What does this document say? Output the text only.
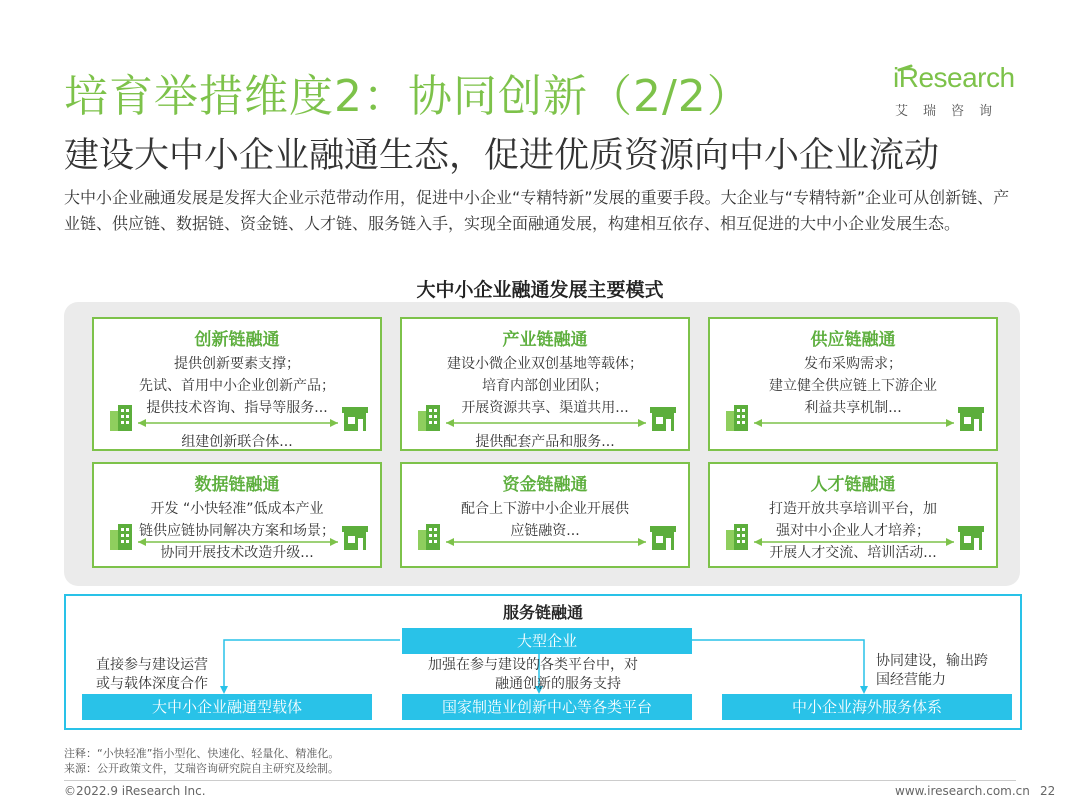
培育举措维度2：协同创新（2/2）
建设大中小企业融通生态，促进优质资源向中小企业流动
大中小企业融通发展是发挥大企业示范带动作用，促进中小企业“专精特新”发展的重要手段。大企业与“专精特新”企业可从创新链、产业链、供应链、数据链、资金链、人才链、服务链入手，实现全面融通发展，构建相互依存、相互促进的大中小企业发展生态。
iResearch
艾瑞咨询
大中小企业融通发展主要模式
创新链融通
提供创新要素支撑；
先试、首用中小企业创新产品；
提供技术咨询、指导等服务...
组建创新联合体...
产业链融通
建设小微企业双创基地等载体；
培育内部创业团队；
开展资源共享、渠道共用...
提供配套产品和服务...
供应链融通
发布采购需求；
建立健全供应链上下游企业
利益共享机制...
数据链融通
开发 “小快轻准”低成本产业
链供应链协同解决方案和场景；
协同开展技术改造升级...
资金链融通
配合上下游中小企业开展供
应链融资...
人才链融通
打造开放共享培训平台，加
强对中小企业人才培养；
开展人才交流、培训活动...
服务链融通
大型企业
直接参与建设运营
或与载体深度合作
加强在参与建设的各类平台中，对
融通创新的服务支持
协同建设，输出跨
国经营能力
大中小企业融通型载体	国家制造业创新中心等各类平台	中小企业海外服务体系
注释：“小快轻准”指小型化、快速化、轻量化、精准化。
来源：公开政策文件，艾瑞咨询研究院自主研究及绘制。
©2022.9 iResearch Inc.	www.iresearch.com.cn 22
